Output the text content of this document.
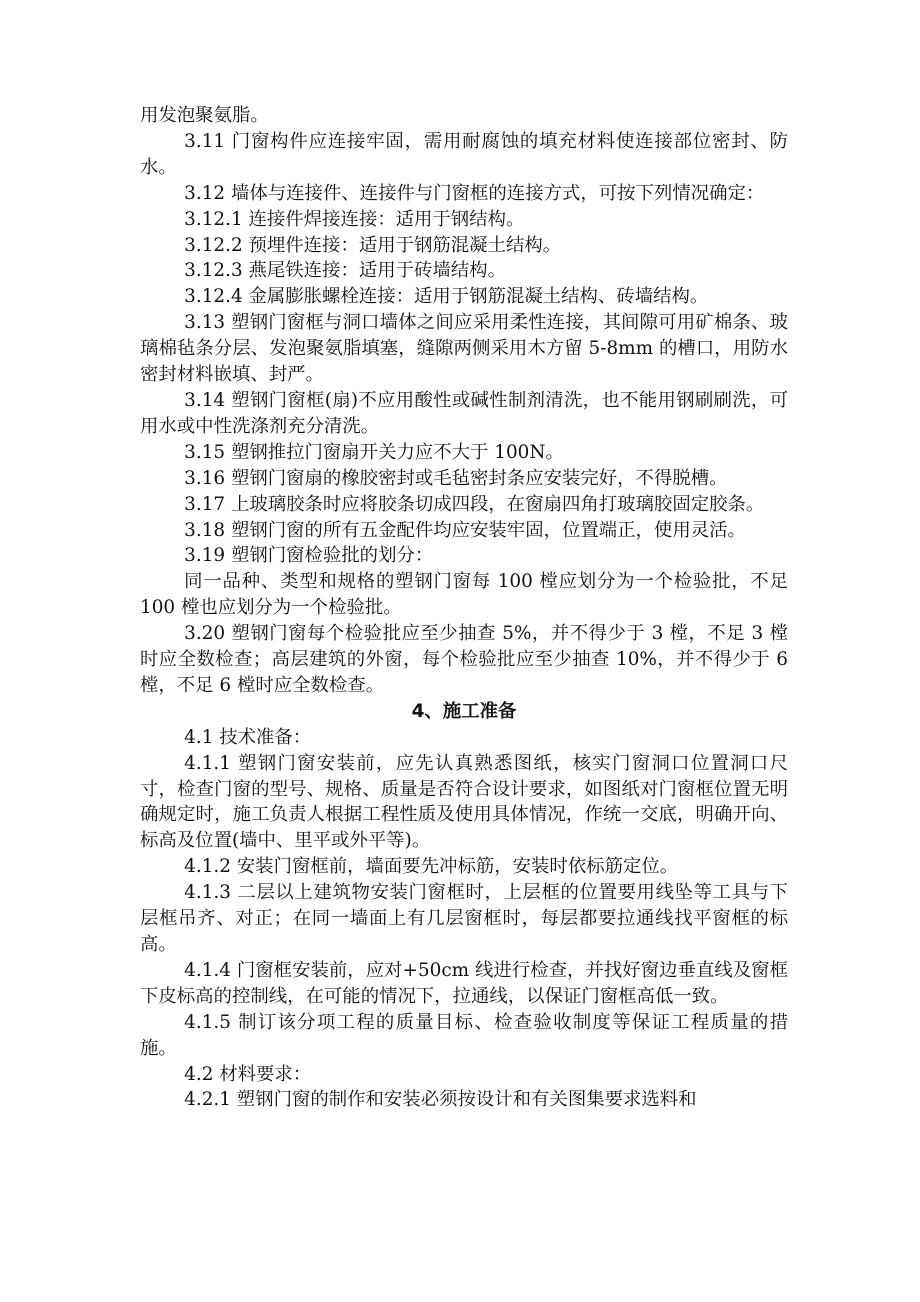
用发泡聚氨脂。

3.11 门窗构件应连接牢固，需用耐腐蚀的填充材料使连接部位密封、防水。

3.12 墙体与连接件、连接件与门窗框的连接方式，可按下列情况确定：

3.12.1 连接件焊接连接：适用于钢结构。

3.12.2 预埋件连接：适用于钢筋混凝土结构。

3.12.3 燕尾铁连接：适用于砖墙结构。

3.12.4 金属膨胀螺栓连接：适用于钢筋混凝土结构、砖墙结构。

3.13 塑钢门窗框与洞口墙体之间应采用柔性连接，其间隙可用矿棉条、玻璃棉毡条分层、发泡聚氨脂填塞，缝隙两侧采用木方留 5-8mm 的槽口，用防水密封材料嵌填、封严。

3.14 塑钢门窗框(扇)不应用酸性或碱性制剂清洗，也不能用钢刷刷洗，可用水或中性洗涤剂充分清洗。

3.15 塑钢推拉门窗扇开关力应不大于 100N。

3.16 塑钢门窗扇的橡胶密封或毛毡密封条应安装完好，不得脱槽。

3.17 上玻璃胶条时应将胶条切成四段，在窗扇四角打玻璃胶固定胶条。

3.18 塑钢门窗的所有五金配件均应安装牢固，位置端正，使用灵活。

3.19 塑钢门窗检验批的划分：

同一品种、类型和规格的塑钢门窗每 100 樘应划分为一个检验批，不足 100 樘也应划分为一个检验批。

3.20 塑钢门窗每个检验批应至少抽查 5%，并不得少于 3 樘，不足 3 樘时应全数检查；高层建筑的外窗，每个检验批应至少抽查 10%，并不得少于 6 樘，不足 6 樘时应全数检查。

4、施工准备

4.1 技术准备：

4.1.1 塑钢门窗安装前，应先认真熟悉图纸，核实门窗洞口位置洞口尺寸，检查门窗的型号、规格、质量是否符合设计要求，如图纸对门窗框位置无明确规定时，施工负责人根据工程性质及使用具体情况，作统一交底，明确开向、标高及位置(墙中、里平或外平等)。

4.1.2 安装门窗框前，墙面要先冲标筋，安装时依标筋定位。

4.1.3 二层以上建筑物安装门窗框时，上层框的位置要用线坠等工具与下层框吊齐、对正；在同一墙面上有几层窗框时，每层都要拉通线找平窗框的标高。

4.1.4 门窗框安装前，应对+50cm 线进行检查，并找好窗边垂直线及窗框下皮标高的控制线，在可能的情况下，拉通线，以保证门窗框高低一致。

4.1.5 制订该分项工程的质量目标、检查验收制度等保证工程质量的措施。

4.2 材料要求：

4.2.1 塑钢门窗的制作和安装必须按设计和有关图集要求选料和
